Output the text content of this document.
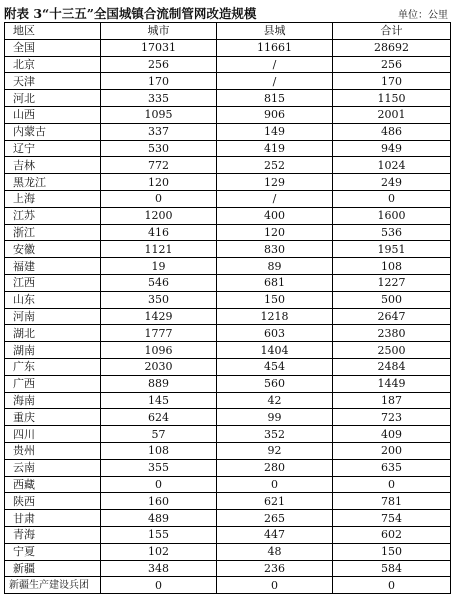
附表 3“十三五”全国城镇合流制管网改造规模	单位：公里
地区	城市	县城	合计
全国	17031	11661	28692
北京	256	/	256
天津	170	/	170
河北	335	815	1150
山西	1095	906	2001
内蒙古	337	149	486
辽宁	530	419	949
吉林	772	252	1024
黑龙江	120	129	249
上海	0	/	0
江苏	1200	400	1600
浙江	416	120	536
安徽	1121	830	1951
福建	19	89	108
江西	546	681	1227
山东	350	150	500
河南	1429	1218	2647
湖北	1777	603	2380
湖南	1096	1404	2500
广东	2030	454	2484
广西	889	560	1449
海南	145	42	187
重庆	624	99	723
四川	57	352	409
贵州	108	92	200
云南	355	280	635
西藏	0	0	0
陕西	160	621	781
甘肃	489	265	754
青海	155	447	602
宁夏	102	48	150
新疆	348	236	584
新疆生产建设兵团	0	0	0
